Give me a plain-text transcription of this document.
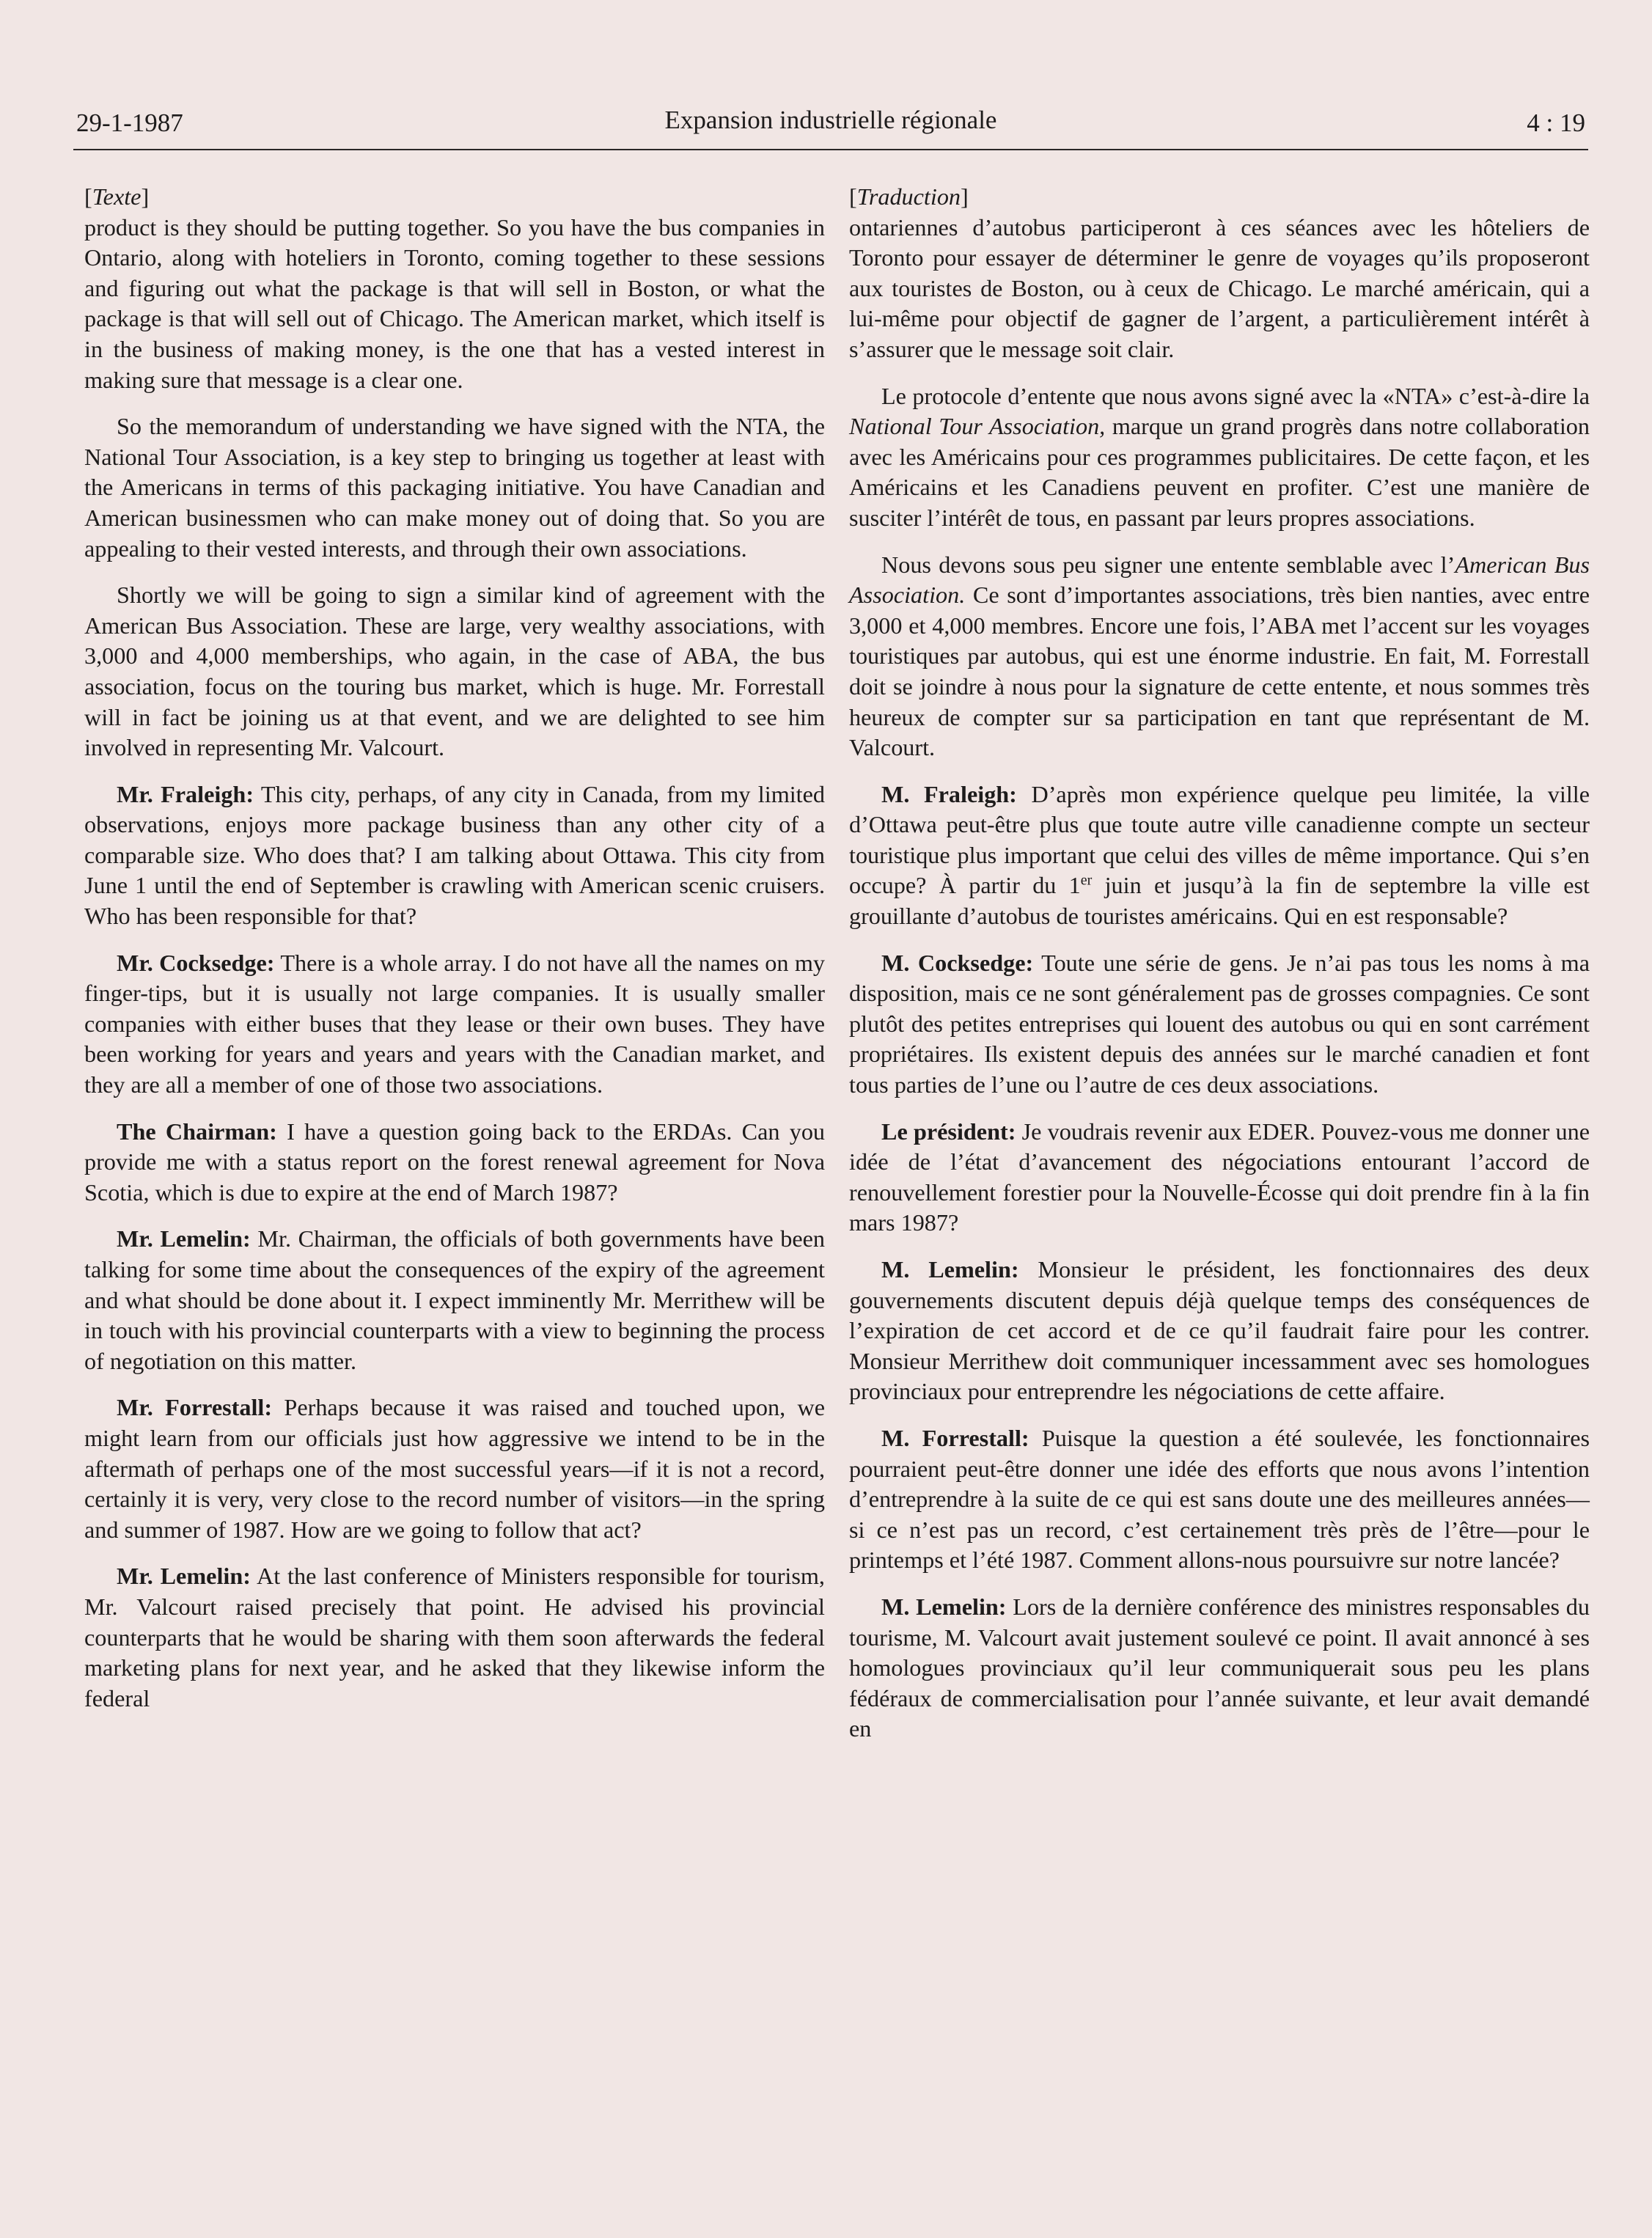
29-1-1987	Expansion industrielle régionale	4 : 19
[Texte]

product is they should be putting together. So you have the bus companies in Ontario, along with hoteliers in Toronto, coming together to these sessions and figuring out what the package is that will sell in Boston, or what the package is that will sell out of Chicago. The American market, which itself is in the business of making money, is the one that has a vested interest in making sure that message is a clear one.

So the memorandum of understanding we have signed with the NTA, the National Tour Association, is a key step to bringing us together at least with the Americans in terms of this packaging initiative. You have Canadian and American businessmen who can make money out of doing that. So you are appealing to their vested interests, and through their own associations.

Shortly we will be going to sign a similar kind of agreement with the American Bus Association. These are large, very wealthy associations, with 3,000 and 4,000 memberships, who again, in the case of ABA, the bus association, focus on the touring bus market, which is huge. Mr. Forrestall will in fact be joining us at that event, and we are delighted to see him involved in representing Mr. Valcourt.

Mr. Fraleigh: This city, perhaps, of any city in Canada, from my limited observations, enjoys more package business than any other city of a comparable size. Who does that? I am talking about Ottawa. This city from June 1 until the end of September is crawling with American scenic cruisers. Who has been responsible for that?

Mr. Cocksedge: There is a whole array. I do not have all the names on my finger-tips, but it is usually not large companies. It is usually smaller companies with either buses that they lease or their own buses. They have been working for years and years and years with the Canadian market, and they are all a member of one of those two associations.

The Chairman: I have a question going back to the ERDAs. Can you provide me with a status report on the forest renewal agreement for Nova Scotia, which is due to expire at the end of March 1987?

Mr. Lemelin: Mr. Chairman, the officials of both governments have been talking for some time about the consequences of the expiry of the agreement and what should be done about it. I expect imminently Mr. Merrithew will be in touch with his provincial counterparts with a view to beginning the process of negotiation on this matter.

Mr. Forrestall: Perhaps because it was raised and touched upon, we might learn from our officials just how aggressive we intend to be in the aftermath of perhaps one of the most successful years—if it is not a record, certainly it is very, very close to the record number of visitors—in the spring and summer of 1987. How are we going to follow that act?

Mr. Lemelin: At the last conference of Ministers responsible for tourism, Mr. Valcourt raised precisely that point. He advised his provincial counterparts that he would be sharing with them soon afterwards the federal marketing plans for next year, and he asked that they likewise inform the federal

[Traduction]

ontariennes d’autobus participeront à ces séances avec les hôteliers de Toronto pour essayer de déterminer le genre de voyages qu’ils proposeront aux touristes de Boston, ou à ceux de Chicago. Le marché américain, qui a lui-même pour objectif de gagner de l’argent, a particulièrement intérêt à s’assurer que le message soit clair.

Le protocole d’entente que nous avons signé avec la «NTA» c’est-à-dire la National Tour Association, marque un grand progrès dans notre collaboration avec les Américains pour ces programmes publicitaires. De cette façon, et les Américains et les Canadiens peuvent en profiter. C’est une manière de susciter l’intérêt de tous, en passant par leurs propres associations.

Nous devons sous peu signer une entente semblable avec l’American Bus Association. Ce sont d’importantes associations, très bien nanties, avec entre 3,000 et 4,000 membres. Encore une fois, l’ABA met l’accent sur les voyages touristiques par autobus, qui est une énorme industrie. En fait, M. Forrestall doit se joindre à nous pour la signature de cette entente, et nous sommes très heureux de compter sur sa participation en tant que représentant de M. Valcourt.

M. Fraleigh: D’après mon expérience quelque peu limitée, la ville d’Ottawa peut-être plus que toute autre ville canadienne compte un secteur touristique plus important que celui des villes de même importance. Qui s’en occupe? À partir du 1er juin et jusqu’à la fin de septembre la ville est grouillante d’autobus de touristes américains. Qui en est responsable?

M. Cocksedge: Toute une série de gens. Je n’ai pas tous les noms à ma disposition, mais ce ne sont généralement pas de grosses compagnies. Ce sont plutôt des petites entreprises qui louent des autobus ou qui en sont carrément propriétaires. Ils existent depuis des années sur le marché canadien et font tous parties de l’une ou l’autre de ces deux associations.

Le président: Je voudrais revenir aux EDER. Pouvez-vous me donner une idée de l’état d’avancement des négociations entourant l’accord de renouvellement forestier pour la Nouvelle-Écosse qui doit prendre fin à la fin mars 1987?

M. Lemelin: Monsieur le président, les fonctionnaires des deux gouvernements discutent depuis déjà quelque temps des conséquences de l’expiration de cet accord et de ce qu’il faudrait faire pour les contrer. Monsieur Merrithew doit communiquer incessamment avec ses homologues provinciaux pour entreprendre les négociations de cette affaire.

M. Forrestall: Puisque la question a été soulevée, les fonctionnaires pourraient peut-être donner une idée des efforts que nous avons l’intention d’entreprendre à la suite de ce qui est sans doute une des meilleures années—si ce n’est pas un record, c’est certainement très près de l’être—pour le printemps et l’été 1987. Comment allons-nous poursuivre sur notre lancée?

M. Lemelin: Lors de la dernière conférence des ministres responsables du tourisme, M. Valcourt avait justement soulevé ce point. Il avait annoncé à ses homologues provinciaux qu’il leur communiquerait sous peu les plans fédéraux de commercialisation pour l’année suivante, et leur avait demandé en
